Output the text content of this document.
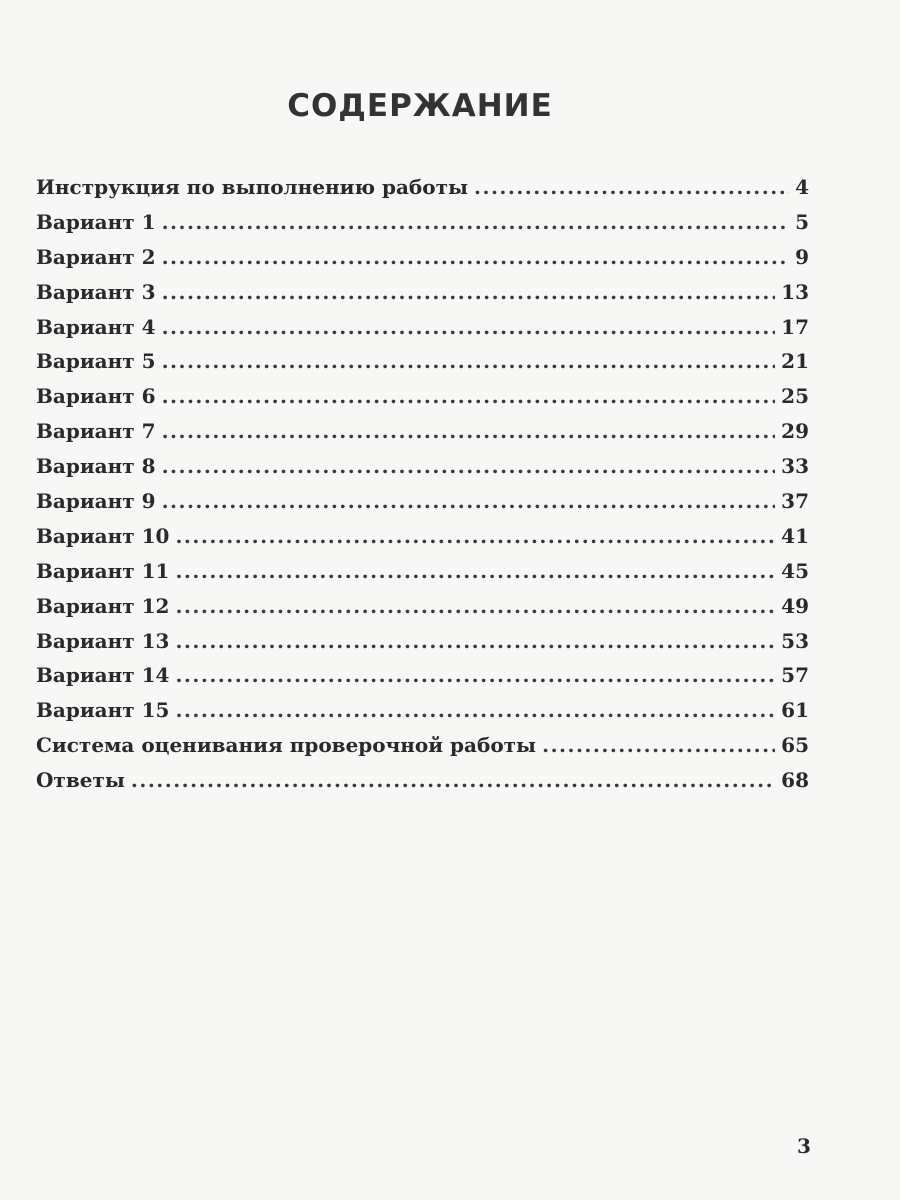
СОДЕРЖАНИЕ
Инструкция по выполнению работы .....	4
Вариант 1 .....	5
Вариант 2 .....	9
Вариант 3 .....	13
Вариант 4 .....	17
Вариант 5 .....	21
Вариант 6 .....	25
Вариант 7 .....	29
Вариант 8 .....	33
Вариант 9 .....	37
Вариант 10 .....	41
Вариант 11 .....	45
Вариант 12 .....	49
Вариант 13 .....	53
Вариант 14 .....	57
Вариант 15 .....	61
Система оценивания проверочной работы .....	65
Ответы .....	68
3
